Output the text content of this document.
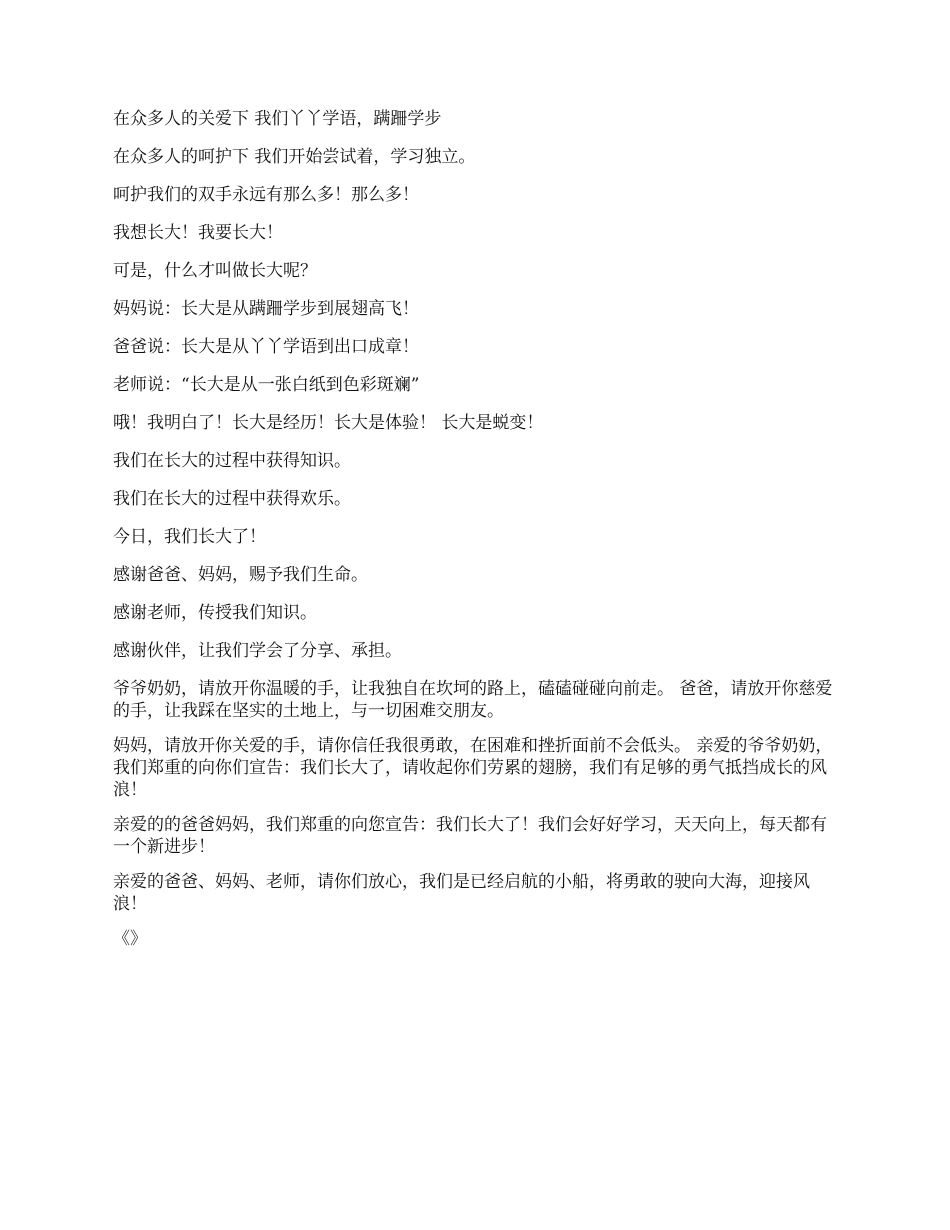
在众多人的关爱下 我们丫丫学语，蹒跚学步

在众多人的呵护下 我们开始尝试着，学习独立。

呵护我们的双手永远有那么多！那么多！

我想长大！我要长大！

可是，什么才叫做长大呢？

妈妈说：长大是从蹒跚学步到展翅高飞！

爸爸说：长大是从丫丫学语到出口成章！

老师说：“长大是从一张白纸到色彩斑斓”

哦！我明白了！长大是经历！长大是体验！ 长大是蜕变！

我们在长大的过程中获得知识。

我们在长大的过程中获得欢乐。

今日，我们长大了！

感谢爸爸、妈妈，赐予我们生命。

感谢老师，传授我们知识。

感谢伙伴，让我们学会了分享、承担。

爷爷奶奶，请放开你温暖的手，让我独自在坎坷的路上，磕磕碰碰向前走。 爸爸，请放开你慈爱的手，让我踩在坚实的土地上，与一切困难交朋友。

妈妈，请放开你关爱的手，请你信任我很勇敢，在困难和挫折面前不会低头。 亲爱的爷爷奶奶，我们郑重的向你们宣告：我们长大了，请收起你们劳累的翅膀，我们有足够的勇气抵挡成长的风浪！

亲爱的的爸爸妈妈，我们郑重的向您宣告：我们长大了！我们会好好学习，天天向上，每天都有一个新进步！

亲爱的爸爸、妈妈、老师，请你们放心，我们是已经启航的小船，将勇敢的驶向大海，迎接风浪！

《》
